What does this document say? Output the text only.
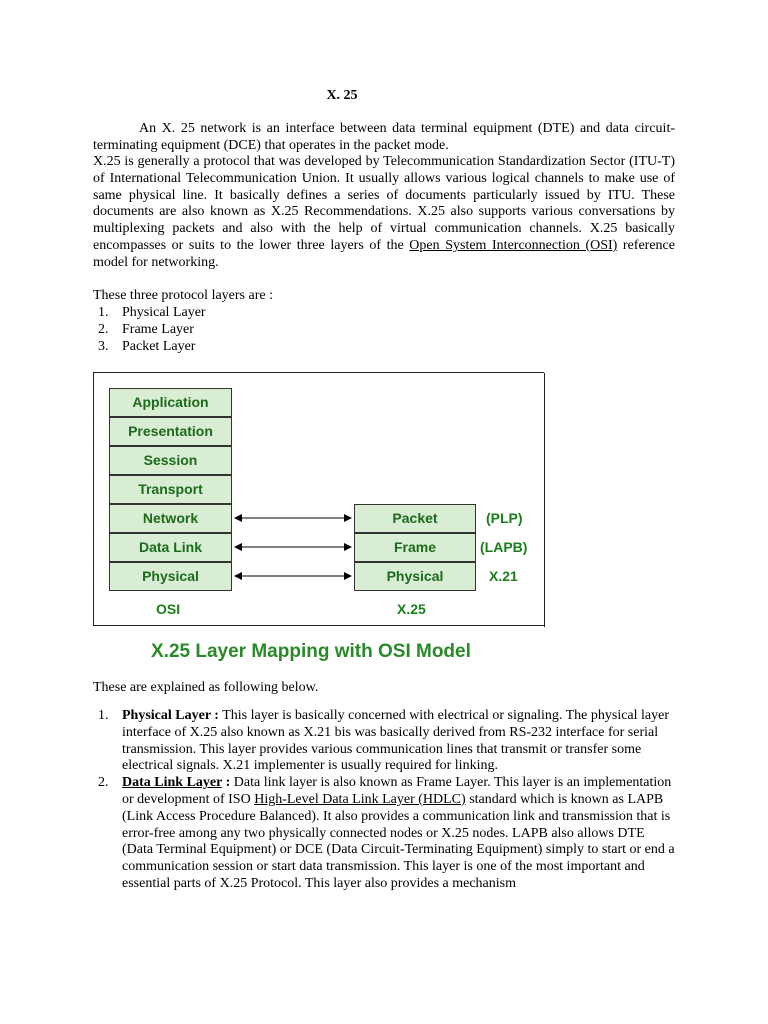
X. 25
An X. 25 network is an interface between data terminal equipment (DTE) and data circuit-terminating equipment (DCE) that operates in the packet mode.
X.25 is generally a protocol that was developed by Telecommunication Standardization Sector (ITU-T) of International Telecommunication Union. It usually allows various logical channels to make use of same physical line. It basically defines a series of documents particularly issued by ITU. These documents are also known as X.25 Recommendations. X.25 also supports various conversations by multiplexing packets and also with the help of virtual communication channels. X.25 basically encompasses or suits to the lower three layers of the Open System Interconnection (OSI) reference model for networking.
These three protocol layers are :
1. Physical Layer
2. Frame Layer
3. Packet Layer
Application
Presentation
Session
Transport
Network
Data Link
Physical
Packet
Frame
Physical
(PLP)
(LAPB)
X.21
OSI	X.25
X.25 Layer Mapping with OSI Model
These are explained as following below.
1. Physical Layer : This layer is basically concerned with electrical or signaling. The physical layer interface of X.25 also known as X.21 bis was basically derived from RS-232 interface for serial transmission. This layer provides various communication lines that transmit or transfer some electrical signals. X.21 implementer is usually required for linking.
2. Data Link Layer : Data link layer is also known as Frame Layer. This layer is an implementation or development of ISO High-Level Data Link Layer (HDLC) standard which is known as LAPB (Link Access Procedure Balanced). It also provides a communication link and transmission that is error-free among any two physically connected nodes or X.25 nodes. LAPB also allows DTE (Data Terminal Equipment) or DCE (Data Circuit-Terminating Equipment) simply to start or end a communication session or start data transmission. This layer is one of the most important and essential parts of X.25 Protocol. This layer also provides a mechanism
